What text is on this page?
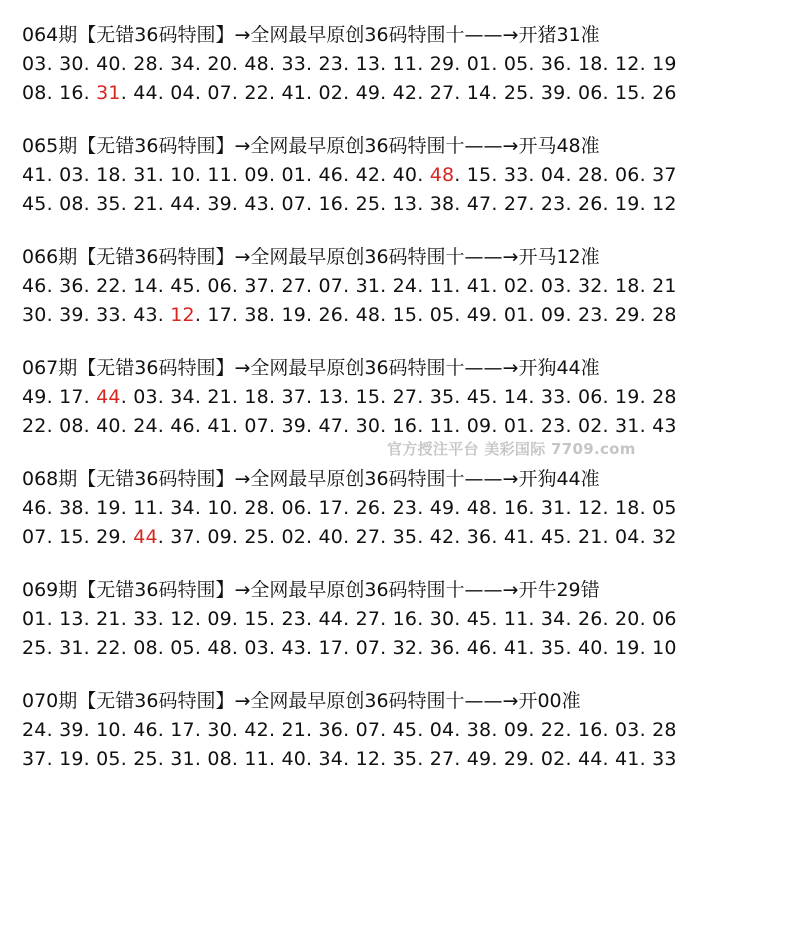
064期【无错36码特围】→全网最早原创36码特围十——→开猪31准
03. 30. 40. 28. 34. 20. 48. 33. 23. 13. 11. 29. 01. 05. 36. 18. 12. 19
08. 16. 31. 44. 04. 07. 22. 41. 02. 49. 42. 27. 14. 25. 39. 06. 15. 26
065期【无错36码特围】→全网最早原创36码特围十——→开马48准
41. 03. 18. 31. 10. 11. 09. 01. 46. 42. 40. 48. 15. 33. 04. 28. 06. 37
45. 08. 35. 21. 44. 39. 43. 07. 16. 25. 13. 38. 47. 27. 23. 26. 19. 12
066期【无错36码特围】→全网最早原创36码特围十——→开马12准
46. 36. 22. 14. 45. 06. 37. 27. 07. 31. 24. 11. 41. 02. 03. 32. 18. 21
30. 39. 33. 43. 12. 17. 38. 19. 26. 48. 15. 05. 49. 01. 09. 23. 29. 28
067期【无错36码特围】→全网最早原创36码特围十——→开狗44准
49. 17. 44. 03. 34. 21. 18. 37. 13. 15. 27. 35. 45. 14. 33. 06. 19. 28
22. 08. 40. 24. 46. 41. 07. 39. 47. 30. 16. 11. 09. 01. 23. 02. 31. 43
068期【无错36码特围】→全网最早原创36码特围十——→开狗44准
46. 38. 19. 11. 34. 10. 28. 06. 17. 26. 23. 49. 48. 16. 31. 12. 18. 05
07. 15. 29. 44. 37. 09. 25. 02. 40. 27. 35. 42. 36. 41. 45. 21. 04. 32
069期【无错36码特围】→全网最早原创36码特围十——→开牛29错
01. 13. 21. 33. 12. 09. 15. 23. 44. 27. 16. 30. 45. 11. 34. 26. 20. 06
25. 31. 22. 08. 05. 48. 03. 43. 17. 07. 32. 36. 46. 41. 35. 40. 19. 10
070期【无错36码特围】→全网最早原创36码特围十——→开00准
24. 39. 10. 46. 17. 30. 42. 21. 36. 07. 45. 04. 38. 09. 22. 16. 03. 28
37. 19. 05. 25. 31. 08. 11. 40. 34. 12. 35. 27. 49. 29. 02. 44. 41. 33
官方授注平台 美彩国际 7709.com
